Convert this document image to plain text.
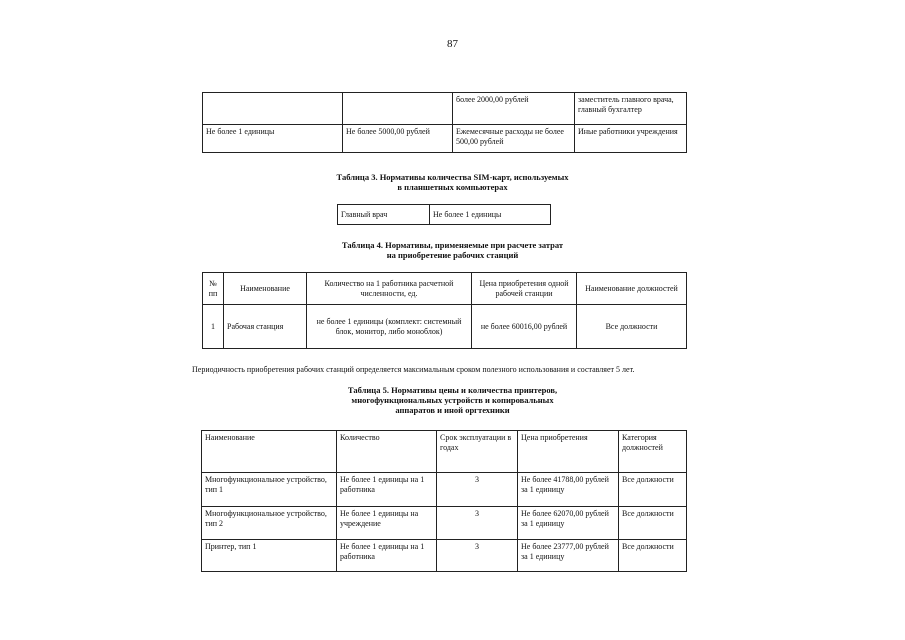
87
		более 2000,00 рублей	заместитель главного врача, главный бухгалтер
Не более 1 единицы	Не более 5000,00 рублей	Ежемесячные расходы не более 500,00 рублей	Иные работники учреждения
Таблица 3. Нормативы количества SIM-карт, используемых
в планшетных компьютерах
Главный врач	Не более 1 единицы
Таблица 4. Нормативы, применяемые при расчете затрат
на приобретение рабочих станций
№ пп	Наименование	Количество на 1 работника расчетной численности, ед.	Цена приобретения одной рабочей станции	Наименование должностей
1	Рабочая станция	не более 1 единицы (комплект: системный блок, монитор, либо моноблок)	не более 60016,00 рублей	Все должности
Периодичность приобретения рабочих станций определяется максимальным сроком полезного использования и составляет 5 лет.
Таблица 5. Нормативы цены и количества принтеров,
многофункциональных устройств и копировальных
аппаратов и иной оргтехники
Наименование	Количество	Срок эксплуатации в годах	Цена приобретения	Категория должностей
Многофункциональное устройство, тип 1	Не более 1 единицы на 1 работника	3	Не более 41788,00 рублей за 1 единицу	Все должности
Многофункциональное устройство, тип 2	Не более 1 единицы на учреждение	3	Не более 62070,00 рублей за 1 единицу	Все должности
Принтер, тип 1	Не более 1 единицы на 1 работника	3	Не более 23777,00 рублей за 1 единицу	Все должности
